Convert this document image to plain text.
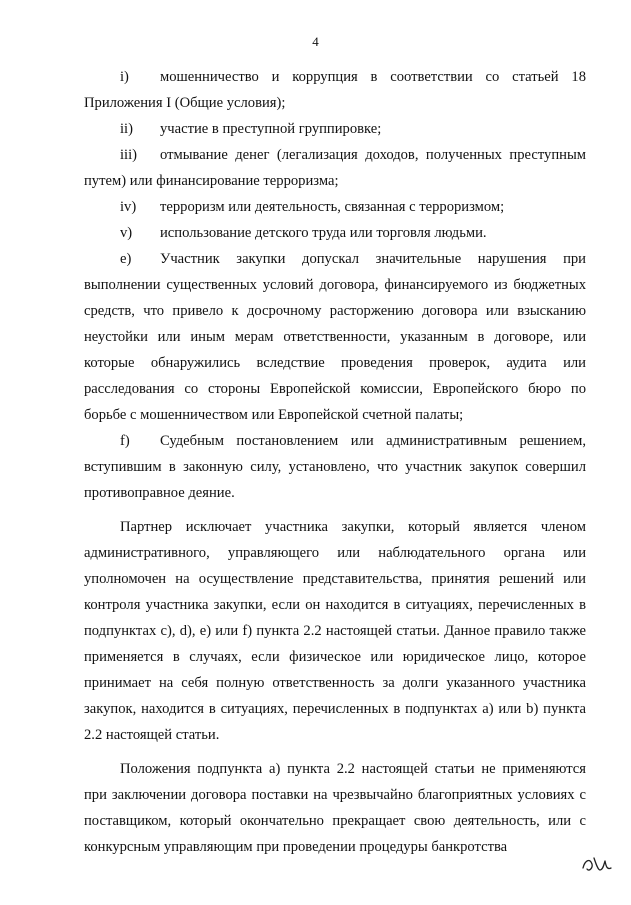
4

i) мошенничество и коррупция в соответствии со статьей 18 Приложения I (Общие условия);

ii) участие в преступной группировке;

iii) отмывание денег (легализация доходов, полученных преступным путем) или финансирование терроризма;

iv) терроризм или деятельность, связанная с терроризмом;

v) использование детского труда или торговля людьми.

e) Участник закупки допускал значительные нарушения при выполнении существенных условий договора, финансируемого из бюджетных средств, что привело к досрочному расторжению договора или взысканию неустойки или иным мерам ответственности, указанным в договоре, или которые обнаружились вследствие проведения проверок, аудита или расследования со стороны Европейской комиссии, Европейского бюро по борьбе с мошенничеством или Европейской счетной палаты;

f) Судебным постановлением или административным решением, вступившим в законную силу, установлено, что участник закупок совершил противоправное деяние.

Партнер исключает участника закупки, который является членом административного, управляющего или наблюдательного органа или уполномочен на осуществление представительства, принятия решений или контроля участника закупки, если он находится в ситуациях, перечисленных в подпунктах c), d), e) или f) пункта 2.2 настоящей статьи. Данное правило также применяется в случаях, если физическое или юридическое лицо, которое принимает на себя полную ответственность за долги указанного участника закупок, находится в ситуациях, перечисленных в подпунктах a) или b) пункта 2.2 настоящей статьи.

Положения подпункта a) пункта 2.2 настоящей статьи не применяются при заключении договора поставки на чрезвычайно благоприятных условиях с поставщиком, который окончательно прекращает свою деятельность, или с конкурсным управляющим при проведении процедуры банкротства
